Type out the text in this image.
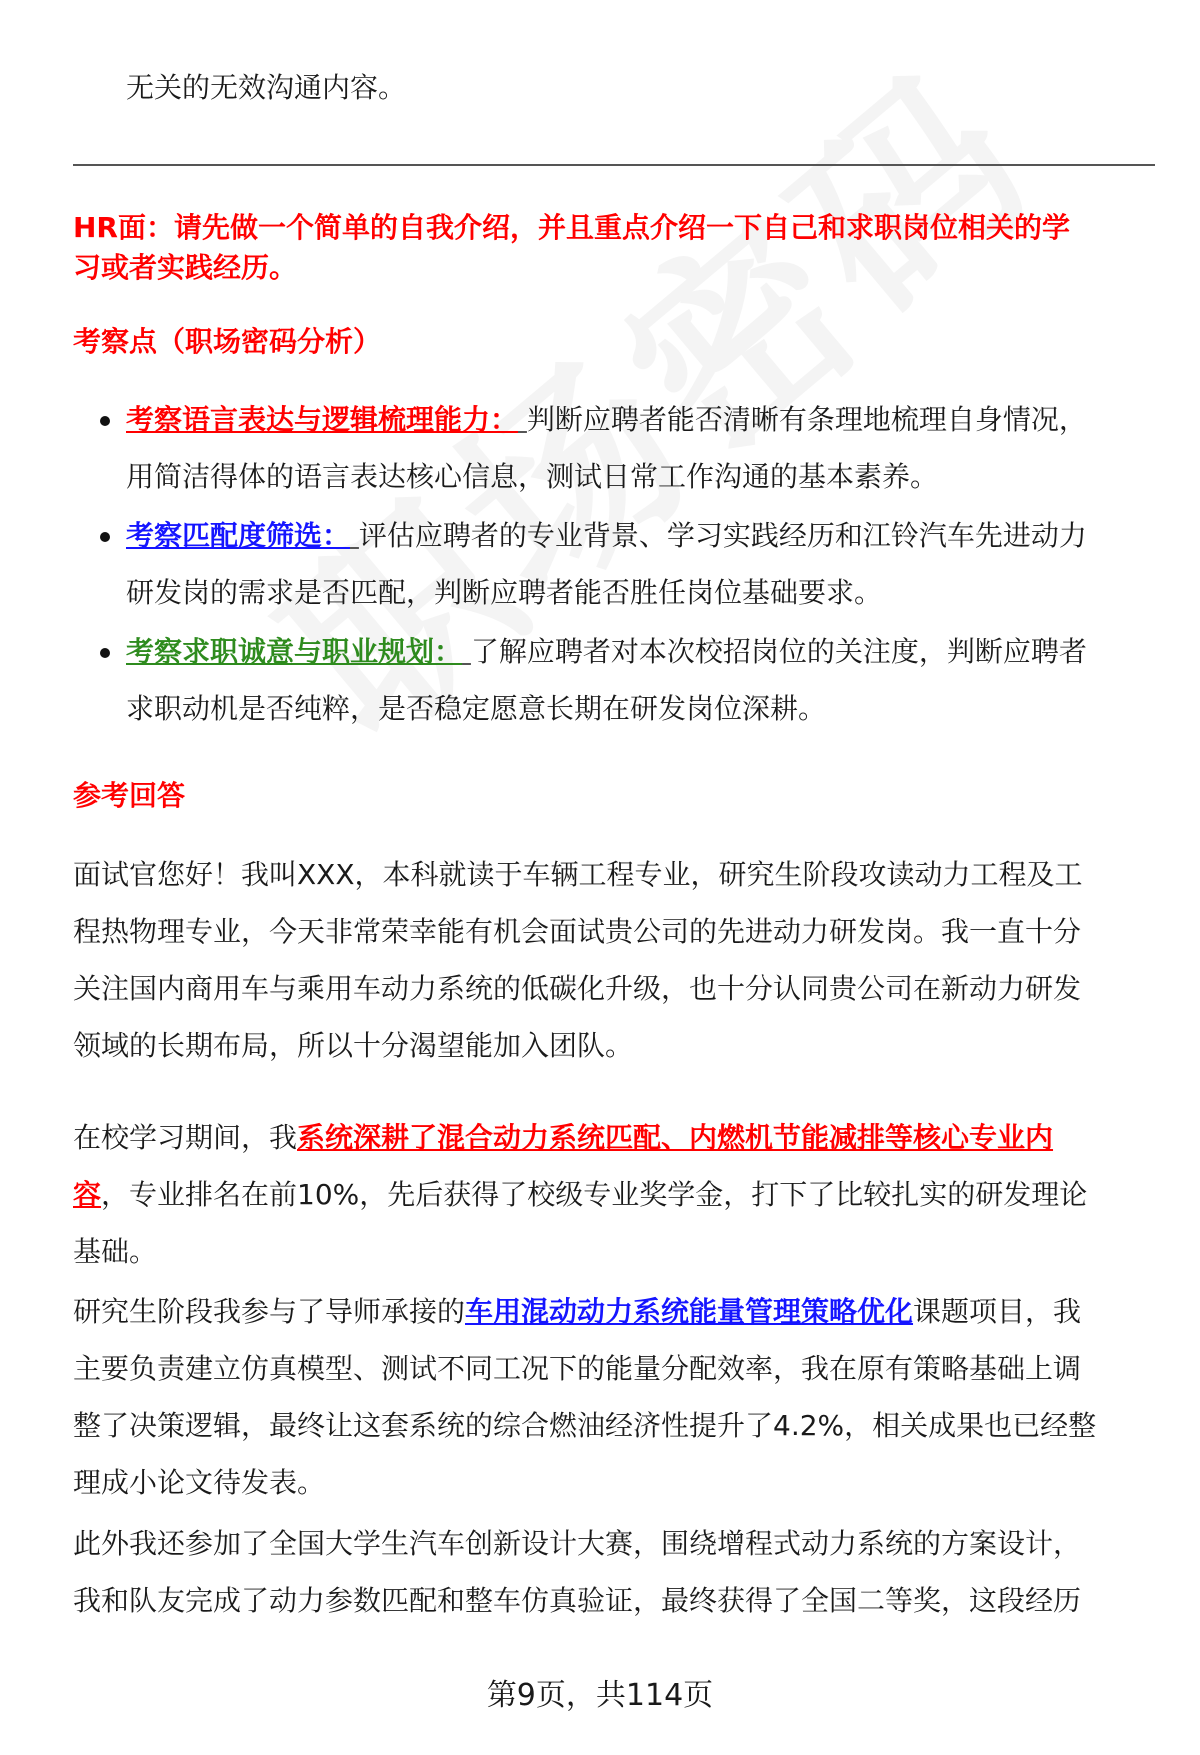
无关的无效沟通内容。
HR面：请先做一个简单的自我介绍，并且重点介绍一下自己和求职岗位相关的学
习或者实践经历。
考察点（职场密码分析）
考察语言表达与逻辑梳理能力： 判断应聘者能否清晰有条理地梳理自身情况，
用简洁得体的语言表达核心信息，测试日常工作沟通的基本素养。
考察匹配度筛选： 评估应聘者的专业背景、学习实践经历和江铃汽车先进动力
研发岗的需求是否匹配，判断应聘者能否胜任岗位基础要求。
考察求职诚意与职业规划： 了解应聘者对本次校招岗位的关注度，判断应聘者
求职动机是否纯粹，是否稳定愿意长期在研发岗位深耕。
参考回答
面试官您好！我叫XXX，本科就读于车辆工程专业，研究生阶段攻读动力工程及工
程热物理专业，今天非常荣幸能有机会面试贵公司的先进动力研发岗。我一直十分
关注国内商用车与乘用车动力系统的低碳化升级，也十分认同贵公司在新动力研发
领域的长期布局，所以十分渴望能加入团队。
在校学习期间，我系统深耕了混合动力系统匹配、内燃机节能减排等核心专业内
容，专业排名在前10%，先后获得了校级专业奖学金，打下了比较扎实的研发理论
基础。
研究生阶段我参与了导师承接的车用混动动力系统能量管理策略优化课题项目，我
主要负责建立仿真模型、测试不同工况下的能量分配效率，我在原有策略基础上调
整了决策逻辑，最终让这套系统的综合燃油经济性提升了4.2%，相关成果也已经整
理成小论文待发表。
此外我还参加了全国大学生汽车创新设计大赛，围绕增程式动力系统的方案设计，
我和队友完成了动力参数匹配和整车仿真验证，最终获得了全国二等奖，这段经历
第9页，共114页
